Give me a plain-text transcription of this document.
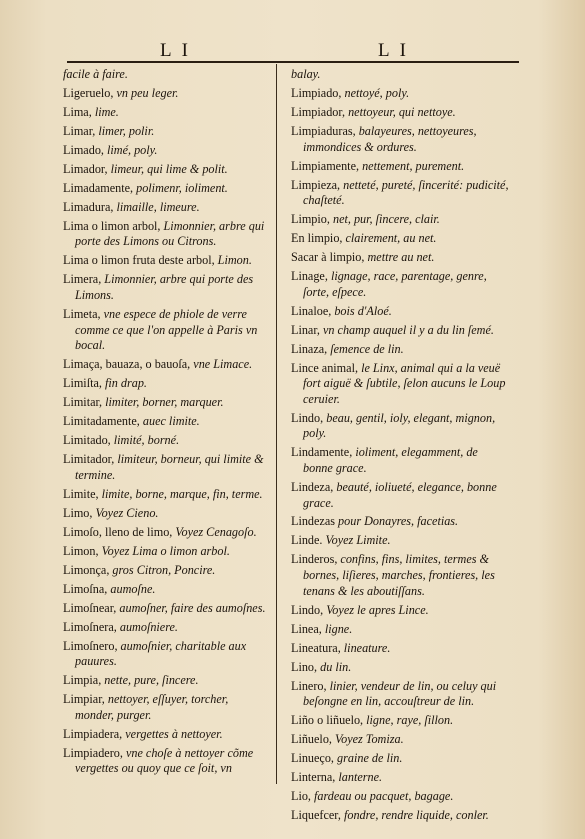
L I	L I

facile à faire.

Ligeruelo, vn peu leger.

Lima, lime.

Limar, limer, polir.

Limado, limé, poly.

Limador, limeur, qui lime & polit.

Limadamente, polimenr, ioliment.

Limadura, limaille, limeure.

Lima o limon arbol, Limonnier, arbre qui porte des Limons ou Citrons.

Lima o limon fruta deste arbol, Limon.

Limera, Limonnier, arbre qui porte des Limons.

Limeta, vne espece de phiole de verre comme ce que l'on appelle à Paris vn bocal.

Limaça, bauaza, o bauoſa, vne Limace.

Limiſta, fin drap.

Limitar, limiter, borner, marquer.

Limitadamente, auec limite.

Limitado, limité, borné.

Limitador, limiteur, borneur, qui limite & termine.

Limite, limite, borne, marque, fin, terme.

Limo, Voyez Cieno.

Limoſo, lleno de limo, Voyez Cenagoſo.

Limon, Voyez Lima o limon arbol.

Limonça, gros Citron, Poncire.

Limoſna, aumoſne.

Limoſnear, aumoſner, faire des aumoſnes.

Limoſnera, aumoſniere.

Limoſnero, aumoſnier, charitable aux pauures.

Limpia, nette, pure, ſincere.

Limpiar, nettoyer, eſſuyer, torcher, monder, purger.

Limpiadera, vergettes à nettoyer.

Limpiadero, vne choſe à nettoyer cõme vergettes ou quoy que ce ſoit, vn

balay.

Limpiado, nettoyé, poly.

Limpiador, nettoyeur, qui nettoye.

Limpiaduras, balayeures, nettoyeures, immondices & ordures.

Limpiamente, nettement, purement.

Limpieza, netteté, pureté, ſincerité: pudicité, chaſteté.

Limpio, net, pur, ſincere, clair.

En limpio, clairement, au net.

Sacar à limpio, mettre au net.

Linage, lignage, race, parentage, genre, ſorte, eſpece.

Linaloe, bois d'Aloé.

Linar, vn champ auquel il y a du lin ſemé.

Linaza, ſemence de lin.

Lince animal, le Linx, animal qui a la veuë fort aiguë & ſubtile, ſelon aucuns le Loup ceruier.

Lindo, beau, gentil, ioly, elegant, mignon, poly.

Lindamente, ioliment, elegamment, de bonne grace.

Lindeza, beauté, ioliueté, elegance, bonne grace.

Lindezas pour Donayres, facetias.

Linde. Voyez Limite.

Linderos, confins, fins, limites, termes & bornes, liſieres, marches, frontieres, les tenans & les aboutiſſans.

Lindo, Voyez le apres Lince.

Linea, ligne.

Lineatura, lineature.

Lino, du lin.

Linero, linier, vendeur de lin, ou celuy qui beſongne en lin, accouſtreur de lin.

Liño o liñuelo, ligne, raye, ſillon.

Liñuelo, Voyez Tomiza.

Linueço, graine de lin.

Linterna, lanterne.

Lio, fardeau ou pacquet, bagage.

Liquefcer, fondre, rendre liquide, conler.
